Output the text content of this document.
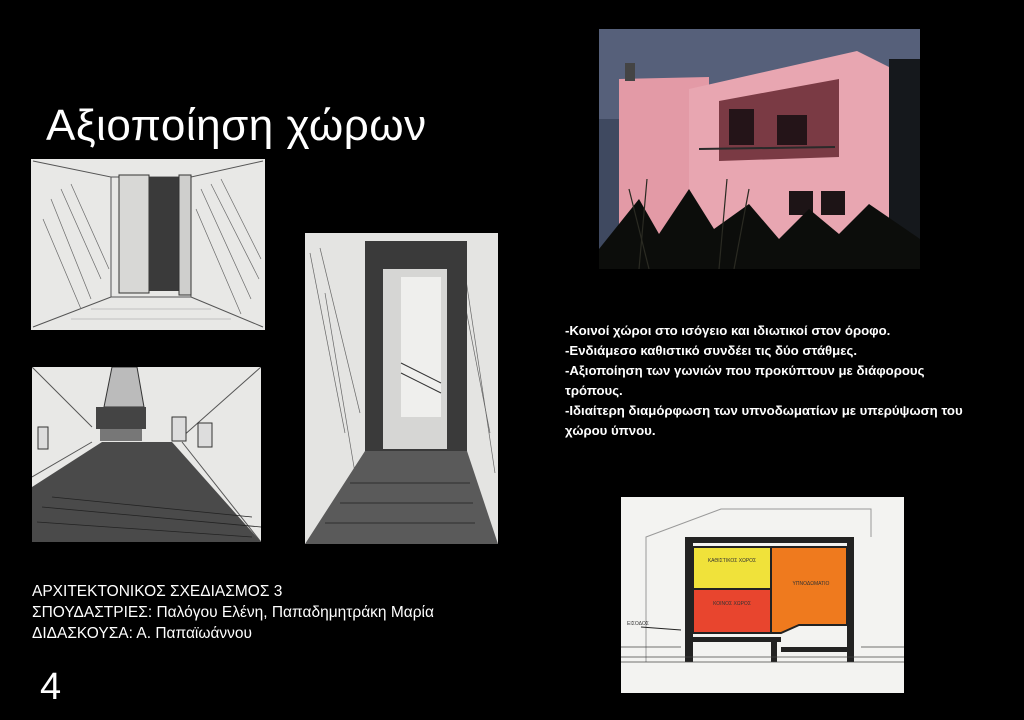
Αξιοποίηση χώρων
ΚΑΘΙΣΤΙΚΟΣ ΧΩΡΟΣ
ΚΟΙΝΟΣ ΧΩΡΟΣ
ΥΠΝΟΔΩΜΑΤΙΟ
ΕΙΣΟΔΟΣ

-Κοινοί χώροι στο ισόγειο και ιδιωτικοί στον όροφο.

-Ενδιάμεσο καθιστικό συνδέει τις δύο στάθμες.

-Αξιοποίηση των γωνιών που προκύπτουν με διάφορους τρόπους.

-Ιδιαίτερη διαμόρφωση των υπνοδωματίων με υπερύψωση του χώρου ύπνου.

ΑΡΧΙΤΕΚΤΟΝΙΚΟΣ ΣΧΕΔΙΑΣΜΟΣ 3

ΣΠΟΥΔΑΣΤΡΙΕΣ: Παλόγου Ελένη, Παπαδημητράκη Μαρία

ΔΙΔΑΣΚΟΥΣΑ: Α. Παπαϊωάννου

4
